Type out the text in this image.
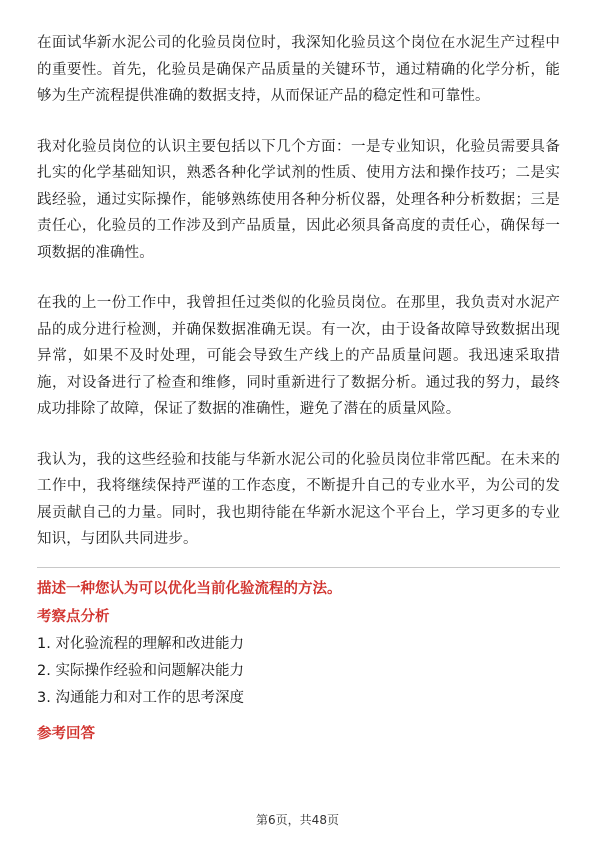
在面试华新水泥公司的化验员岗位时，我深知化验员这个岗位在水泥生产过程中的重要性。首先，化验员是确保产品质量的关键环节，通过精确的化学分析，能够为生产流程提供准确的数据支持，从而保证产品的稳定性和可靠性。

我对化验员岗位的认识主要包括以下几个方面：一是专业知识，化验员需要具备扎实的化学基础知识，熟悉各种化学试剂的性质、使用方法和操作技巧；二是实践经验，通过实际操作，能够熟练使用各种分析仪器，处理各种分析数据；三是责任心，化验员的工作涉及到产品质量，因此必须具备高度的责任心，确保每一项数据的准确性。

在我的上一份工作中，我曾担任过类似的化验员岗位。在那里，我负责对水泥产品的成分进行检测，并确保数据准确无误。有一次，由于设备故障导致数据出现异常，如果不及时处理，可能会导致生产线上的产品质量问题。我迅速采取措施，对设备进行了检查和维修，同时重新进行了数据分析。通过我的努力，最终成功排除了故障，保证了数据的准确性，避免了潜在的质量风险。

我认为，我的这些经验和技能与华新水泥公司的化验员岗位非常匹配。在未来的工作中，我将继续保持严谨的工作态度，不断提升自己的专业水平，为公司的发展贡献自己的力量。同时，我也期待能在华新水泥这个平台上，学习更多的专业知识，与团队共同进步。

描述一种您认为可以优化当前化验流程的方法。
考察点分析
1. 对化验流程的理解和改进能力
2. 实际操作经验和问题解决能力
3. 沟通能力和对工作的思考深度
参考回答
第6页，共48页
